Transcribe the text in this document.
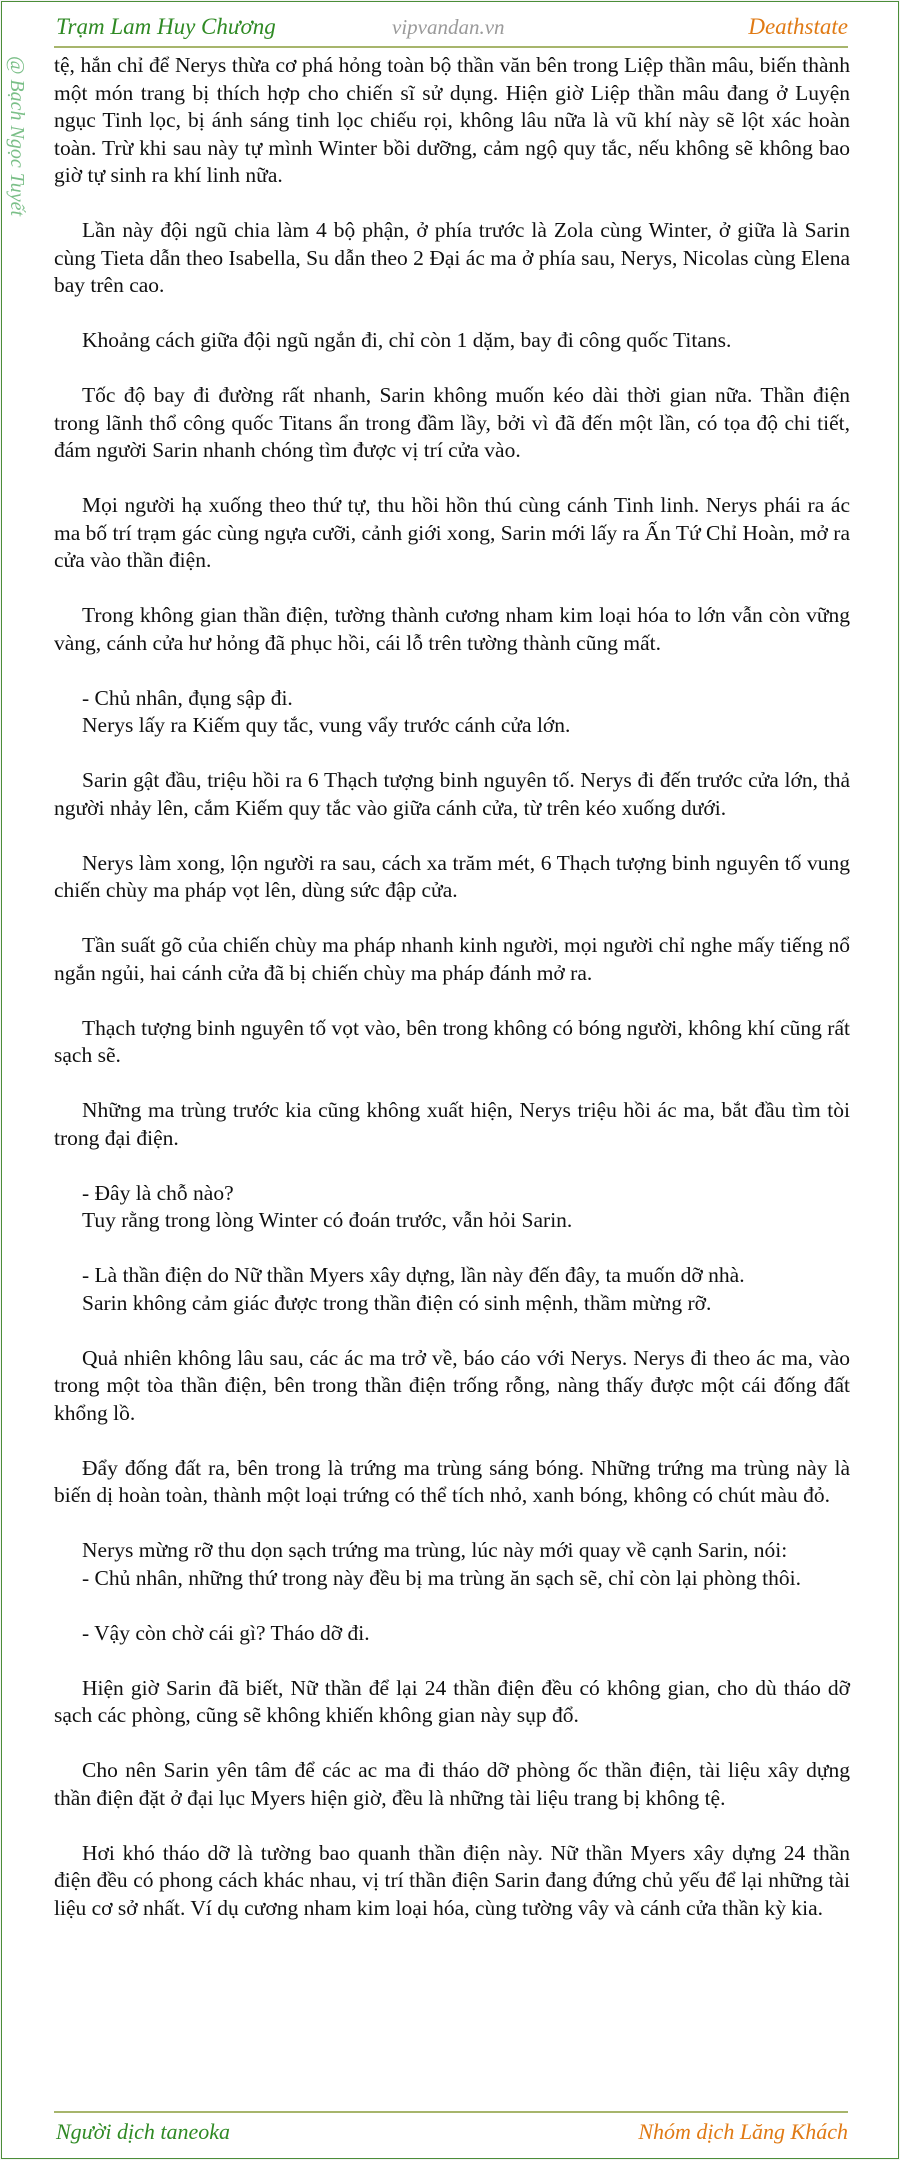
Trạm Lam Huy Chương	vipvandan.vn	Deathstate
@ Bạch Ngọc Tuyết tệ, hắn chỉ để Nerys thừa cơ phá hỏng toàn bộ thần văn bên trong Liệp thần mâu, biến thành một món trang bị thích hợp cho chiến sĩ sử dụng. Hiện giờ Liệp thần mâu đang ở Luyện ngục Tinh lọc, bị ánh sáng tinh lọc chiếu rọi, không lâu nữa là vũ khí này sẽ lột xác hoàn toàn. Trừ khi sau này tự mình Winter bồi dưỡng, cảm ngộ quy tắc, nếu không sẽ không bao giờ tự sinh ra khí linh nữa.

Lần này đội ngũ chia làm 4 bộ phận, ở phía trước là Zola cùng Winter, ở giữa là Sarin cùng Tieta dẫn theo Isabella, Su dẫn theo 2 Đại ác ma ở phía sau, Nerys, Nicolas cùng Elena bay trên cao.

Khoảng cách giữa đội ngũ ngắn đi, chỉ còn 1 dặm, bay đi công quốc Titans.

Tốc độ bay đi đường rất nhanh, Sarin không muốn kéo dài thời gian nữa. Thần điện trong lãnh thổ công quốc Titans ẩn trong đầm lầy, bởi vì đã đến một lần, có tọa độ chi tiết, đám người Sarin nhanh chóng tìm được vị trí cửa vào.

Mọi người hạ xuống theo thứ tự, thu hồi hồn thú cùng cánh Tinh linh. Nerys phái ra ác ma bố trí trạm gác cùng ngựa cưỡi, cảnh giới xong, Sarin mới lấy ra Ấn Tứ Chỉ Hoàn, mở ra cửa vào thần điện.

Trong không gian thần điện, tường thành cương nham kim loại hóa to lớn vẫn còn vững vàng, cánh cửa hư hỏng đã phục hồi, cái lỗ trên tường thành cũng mất.

- Chủ nhân, đụng sập đi.

Nerys lấy ra Kiếm quy tắc, vung vẩy trước cánh cửa lớn.

Sarin gật đầu, triệu hồi ra 6 Thạch tượng binh nguyên tố. Nerys đi đến trước cửa lớn, thả người nhảy lên, cắm Kiếm quy tắc vào giữa cánh cửa, từ trên kéo xuống dưới.

Nerys làm xong, lộn người ra sau, cách xa trăm mét, 6 Thạch tượng binh nguyên tố vung chiến chùy ma pháp vọt lên, dùng sức đập cửa.

Tần suất gõ của chiến chùy ma pháp nhanh kinh người, mọi người chỉ nghe mấy tiếng nổ ngắn ngủi, hai cánh cửa đã bị chiến chùy ma pháp đánh mở ra.

Thạch tượng binh nguyên tố vọt vào, bên trong không có bóng người, không khí cũng rất sạch sẽ.

Những ma trùng trước kia cũng không xuất hiện, Nerys triệu hồi ác ma, bắt đầu tìm tòi trong đại điện.

- Đây là chỗ nào?

Tuy rằng trong lòng Winter có đoán trước, vẫn hỏi Sarin.

- Là thần điện do Nữ thần Myers xây dựng, lần này đến đây, ta muốn dỡ nhà.

Sarin không cảm giác được trong thần điện có sinh mệnh, thầm mừng rỡ.

Quả nhiên không lâu sau, các ác ma trở về, báo cáo với Nerys. Nerys đi theo ác ma, vào trong một tòa thần điện, bên trong thần điện trống rỗng, nàng thấy được một cái đống đất khổng lồ.

Đẩy đống đất ra, bên trong là trứng ma trùng sáng bóng. Những trứng ma trùng này là biến dị hoàn toàn, thành một loại trứng có thể tích nhỏ, xanh bóng, không có chút màu đỏ.

Nerys mừng rỡ thu dọn sạch trứng ma trùng, lúc này mới quay về cạnh Sarin, nói:

- Chủ nhân, những thứ trong này đều bị ma trùng ăn sạch sẽ, chỉ còn lại phòng thôi.

- Vậy còn chờ cái gì? Tháo dỡ đi.

Hiện giờ Sarin đã biết, Nữ thần để lại 24 thần điện đều có không gian, cho dù tháo dỡ sạch các phòng, cũng sẽ không khiến không gian này sụp đổ.

Cho nên Sarin yên tâm để các ac ma đi tháo dỡ phòng ốc thần điện, tài liệu xây dựng thần điện đặt ở đại lục Myers hiện giờ, đều là những tài liệu trang bị không tệ.

Hơi khó tháo dỡ là tường bao quanh thần điện này. Nữ thần Myers xây dựng 24 thần điện đều có phong cách khác nhau, vị trí thần điện Sarin đang đứng chủ yếu để lại những tài liệu cơ sở nhất. Ví dụ cương nham kim loại hóa, cùng tường vây và cánh cửa thần kỳ kia.

Người dịch taneoka	Nhóm dịch Lăng Khách
